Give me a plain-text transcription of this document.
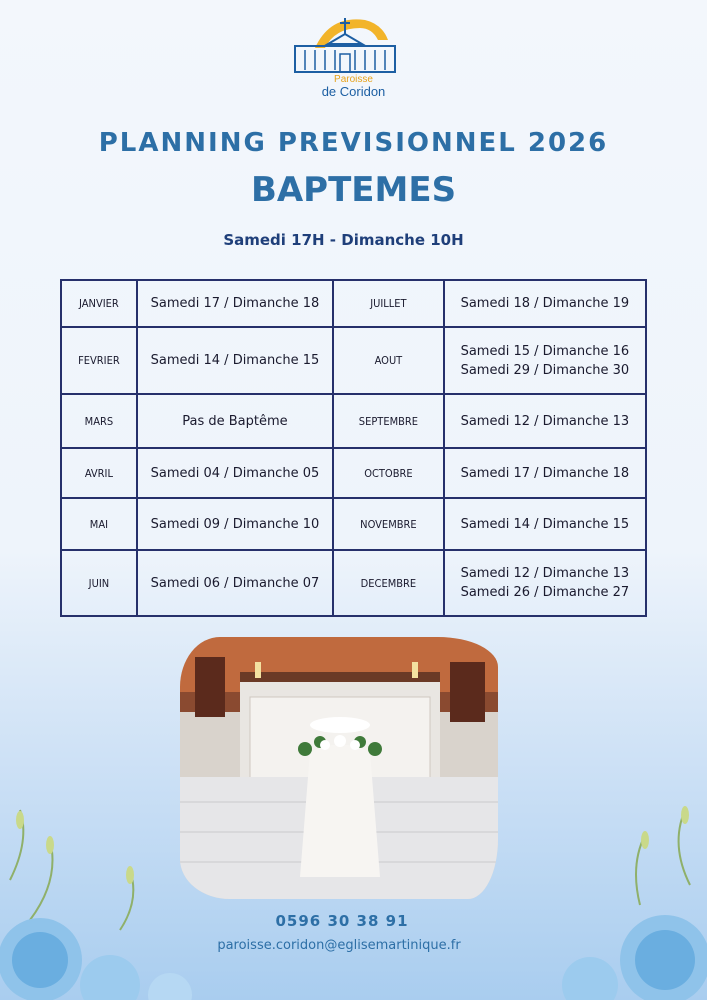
Paroisse
de Coridon
PLANNING PREVISIONNEL 2026
BAPTEMES
Samedi 17H - Dimanche 10H
JANVIER	Samedi 17 / Dimanche 18	JUILLET	Samedi 18 / Dimanche 19
FEVRIER	Samedi 14 / Dimanche 15	AOUT	Samedi 15 / Dimanche 16
Samedi 29 / Dimanche 30

MARS	Pas de Baptême	SEPTEMBRE	Samedi 12 / Dimanche 13
AVRIL	Samedi 04 / Dimanche 05	OCTOBRE	Samedi 17 / Dimanche 18
MAI	Samedi 09 / Dimanche 10	NOVEMBRE	Samedi 14 / Dimanche 15
JUIN	Samedi 06 / Dimanche 07	DECEMBRE	Samedi 12 / Dimanche 13
Samedi 26 / Dimanche 27
0596 30 38 91
paroisse.coridon@eglisemartinique.fr
